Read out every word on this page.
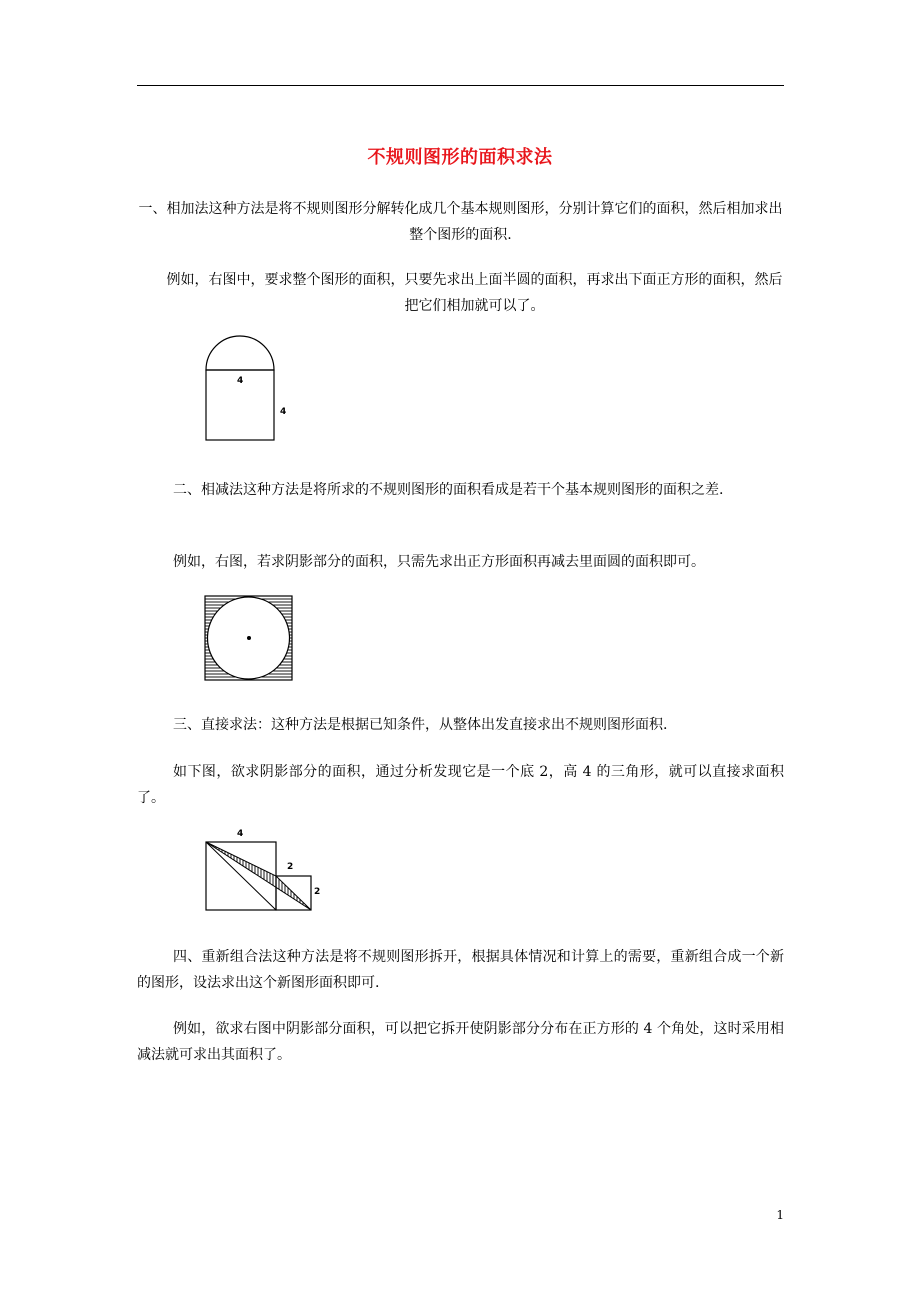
不规则图形的面积求法

一、相加法这种方法是将不规则图形分解转化成几个基本规则图形，分别计算它们的面积，然后相加求出整个图形的面积.

例如，右图中，要求整个图形的面积，只要先求出上面半圆的面积，再求出下面正方形的面积，然后把它们相加就可以了。

4
4

二、相减法这种方法是将所求的不规则图形的面积看成是若干个基本规则图形的面积之差.

例如，右图，若求阴影部分的面积，只需先求出正方形面积再减去里面圆的面积即可。

三、直接求法：这种方法是根据已知条件，从整体出发直接求出不规则图形面积.

如下图，欲求阴影部分的面积，通过分析发现它是一个底 2，高 4 的三角形，就可以直接求面积了。

4
2
2

四、重新组合法这种方法是将不规则图形拆开，根据具体情况和计算上的需要，重新组合成一个新的图形，设法求出这个新图形面积即可.

例如，欲求右图中阴影部分面积，可以把它拆开使阴影部分分布在正方形的 4 个角处，这时采用相减法就可求出其面积了。

1
